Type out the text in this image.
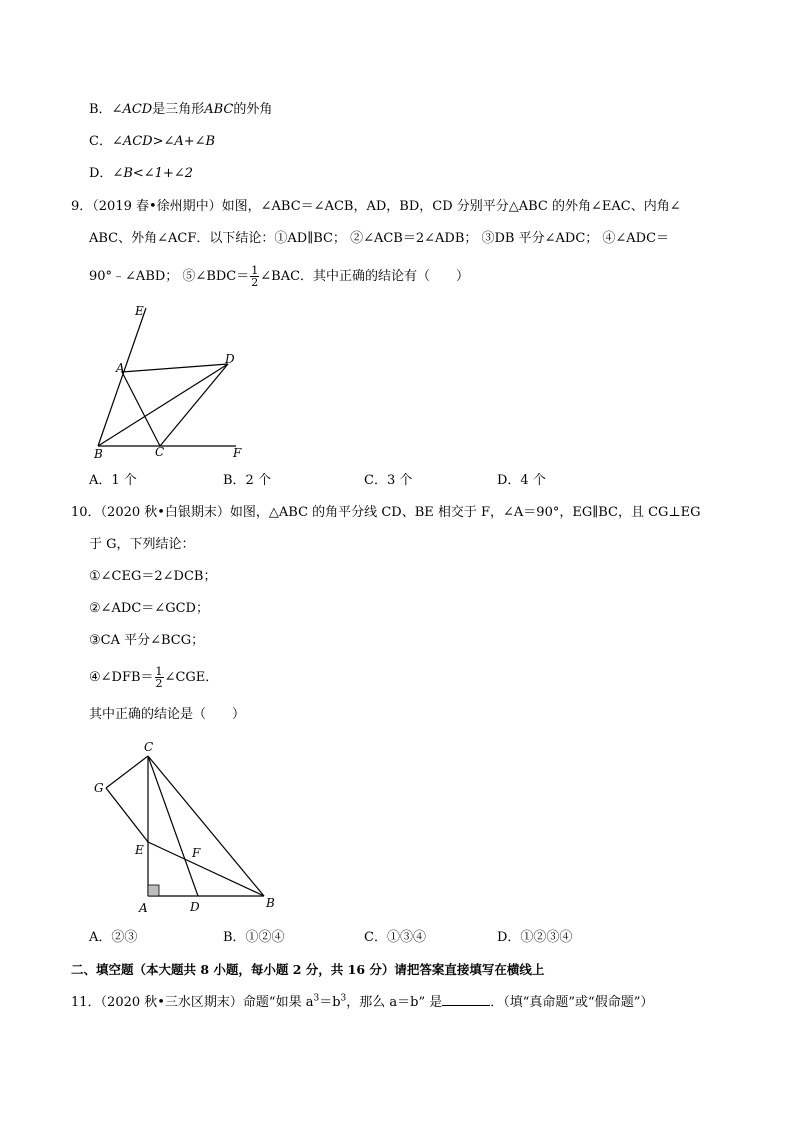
B．∠ACD是三角形ABC的外角
C．∠ACD>∠A+∠B
D．∠B<∠1+∠2
9．（2019 春•徐州期中）如图，∠ABC＝∠ACB，AD，BD，CD 分别平分△ABC 的外角∠EAC、内角∠
ABC、外角∠ACF．以下结论：①AD∥BC； ②∠ACB＝2∠ADB； ③DB 平分∠ADC； ④∠ADC＝
90°﹣∠ABD； ⑤∠BDC＝ $\frac{1}{2}$ ∠BAC．其中正确的结论有（　　）
E
A
D
B	C	F
A．1 个	B．2 个	C．3 个	D．4 个
10．（2020 秋•白银期末）如图，△ABC 的角平分线 CD、BE 相交于 F，∠A＝90°，EG∥BC，且 CG⊥EG
于 G，下列结论：
①∠CEG＝2∠DCB；
②∠ADC＝∠GCD；
③CA 平分∠BCG；
④∠DFB＝ $\frac{1}{2}$ ∠CGE．
其中正确的结论是（　　）
C
G
E	F
A	D	B
A．②③	B．①②④	C．①③④	D．①②③④
二、填空题（本大题共 8 小题，每小题 2 分，共 16 分）请把答案直接填写在横线上
11．（2020 秋•三水区期末）命题“如果 $a^3=b^3$，那么 a＝b” 是	．（填“真命题”或“假命题”）
